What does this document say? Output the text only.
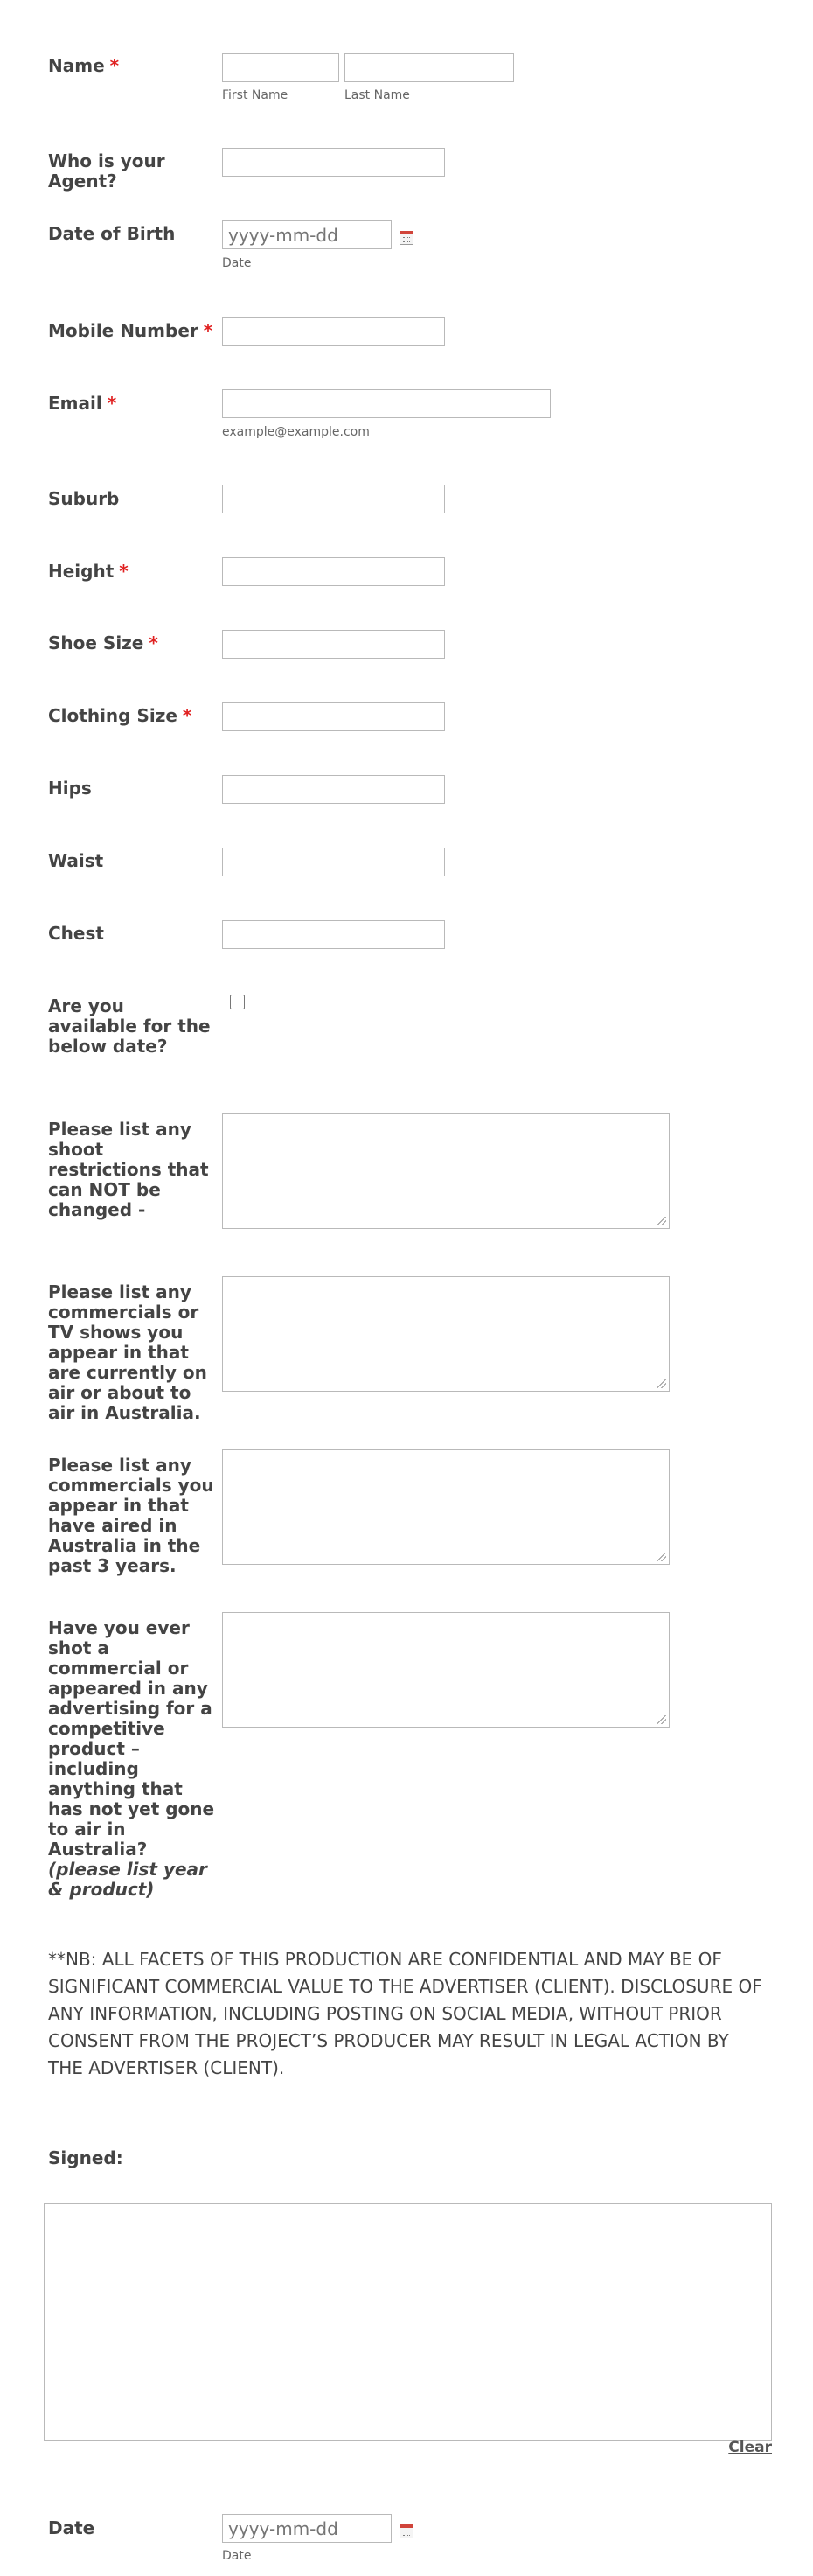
Name *
First Name	Last Name
Who is your Agent?
Date of Birth
yyyy-mm-dd
Date
Mobile Number *
Email *
example@example.com
Suburb
Height *
Shoe Size *
Clothing Size *
Hips
Waist
Chest
Are you available for the below date?
Please list any shoot restrictions that can NOT be changed -
Please list any commercials or TV shows you appear in that are currently on air or about to air in Australia.
Please list any commercials you appear in that have aired in Australia in the past 3 years.
Have you ever shot a commercial or appeared in any advertising for a competitive product – including anything that has not yet gone to air in Australia? (please list year & product)
**NB: ALL FACETS OF THIS PRODUCTION ARE CONFIDENTIAL AND MAY BE OF SIGNIFICANT COMMERCIAL VALUE TO THE ADVERTISER (CLIENT). DISCLOSURE OF ANY INFORMATION, INCLUDING POSTING ON SOCIAL MEDIA, WITHOUT PRIOR CONSENT FROM THE PROJECT’S PRODUCER MAY RESULT IN LEGAL ACTION BY THE ADVERTISER (CLIENT).
Signed:
Clear
Date
yyyy-mm-dd
Date
